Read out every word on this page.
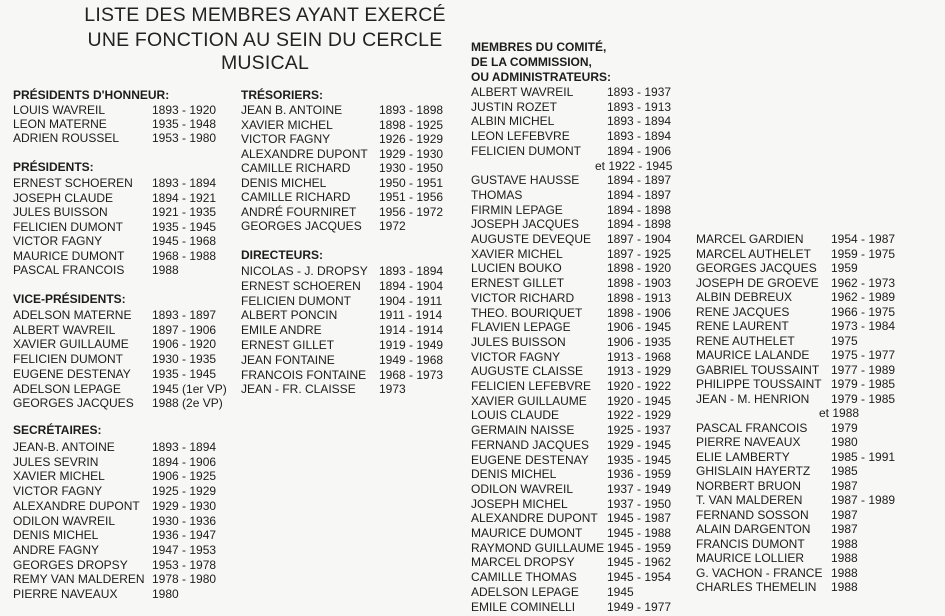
LISTE DES MEMBRES AYANT EXERCÉ
UNE FONCTION AU SEIN DU CERCLE MUSICAL
MEMBRES DU COMITÉ,
DE LA COMMISSION,
OU ADMINISTRATEURS:
PRÉSIDENTS D'HONNEUR:
LOUIS WAVREIL	1893 - 1920
LEON MATERNE	1935 - 1948
ADRIEN ROUSSEL	1953 - 1980
PRÉSIDENTS:
ERNEST SCHOEREN 1893 - 1894
JOSEPH CLAUDE	1894 - 1921
JULES BUISSON	1921 - 1935
FELICIEN DUMONT 1935 - 1945
VICTOR FAGNY	1945 - 1968
MAURICE DUMONT 1968 - 1988
PASCAL FRANCOIS 1988
VICE-PRÉSIDENTS:
ADELSON MATERNE 1893 - 1897
ALBERT WAVREIL	1897 - 1906
XAVIER GUILLAUME 1906 - 1920
FELICIEN DUMONT 1930 - 1935
EUGENE DESTENAY 1935 - 1945
ADELSON LEPAGE	1945 (1er VP)
GEORGES JACQUES 1988 (2e VP)
SECRÉTAIRES:
JEAN-B. ANTOINE	1893 - 1894
JULES SEVRIN	1894 - 1906
XAVIER MICHEL	1906 - 1925
VICTOR FAGNY	1925 - 1929
ALEXANDRE DUPONT 1929 - 1930
ODILON WAVREIL	1930 - 1936
DENIS MICHEL	1936 - 1947
ANDRE FAGNY	1947 - 1953
GEORGES DROPSY 1953 - 1978
REMY VAN MALDEREN 1978 - 1980
PIERRE NAVEAUX	1980
TRÉSORIERS:
JEAN B. ANTOINE	1893 - 1898
XAVIER MICHEL	1898 - 1925
VICTOR FAGNY	1926 - 1929
ALEXANDRE DUPONT 1929 - 1930
CAMILLE RICHARD 1930 - 1950
DENIS MICHEL	1950 - 1951
CAMILLE RICHARD 1951 - 1956
ANDRÉ FOURNIRET 1956 - 1972
GEORGES JACQUES 1972
DIRECTEURS:
NICOLAS - J. DROPSY 1893 - 1894
ERNEST SCHOEREN 1894 - 1904
FELICIEN DUMONT 1904 - 1911
ALBERT PONCIN	1911 - 1914
EMILE ANDRE	1914 - 1914
ERNEST GILLET	1919 - 1949
JEAN FONTAINE	1949 - 1968
FRANCOIS FONTAINE 1968 - 1973
JEAN - FR. CLAISSE 1973
ALBERT WAVREIL	1893 - 1937
JUSTIN ROZET	1893 - 1913
ALBIN MICHEL	1893 - 1894
LEON LEFEBVRE	1893 - 1894
FELICIEN DUMONT 1894 - 1906
et 1922 - 1945
GUSTAVE HAUSSE 1894 - 1897
THOMAS	1894 - 1897
FIRMIN LEPAGE	1894 - 1898
JOSEPH JACQUES 1894 - 1898
AUGUSTE DEVEQUE 1897 - 1904
XAVIER MICHEL	1897 - 1925
LUCIEN BOUKO	1898 - 1920
ERNEST GILLET	1898 - 1903
VICTOR RICHARD	1898 - 1913
THEO. BOURIQUET 1898 - 1906
FLAVIEN LEPAGE	1906 - 1945
JULES BUISSON	1906 - 1935
VICTOR FAGNY	1913 - 1968
AUGUSTE CLAISSE 1913 - 1929
FELICIEN LEFEBVRE 1920 - 1922
XAVIER GUILLAUME 1920 - 1945
LOUIS CLAUDE	1922 - 1929
GERMAIN NAISSE	1925 - 1937
FERNAND JACQUES 1929 - 1945
EUGENE DESTENAY 1935 - 1945
DENIS MICHEL	1936 - 1959
ODILON WAVREIL	1937 - 1949
JOSEPH MICHEL	1937 - 1950
ALEXANDRE DUPONT 1945 - 1987
MAURICE DUMONT 1945 - 1988
RAYMOND GUILLAUME 1945 - 1959
MARCEL DROPSY	1945 - 1962
CAMILLE THOMAS	1945 - 1954
ADELSON LEPAGE 1945
EMILE COMINELLI	1949 - 1977
MARCEL GARDIEN 1954 - 1987
MARCEL AUTHELET 1959 - 1975
GEORGES JACQUES 1959
JOSEPH DE GROEVE 1962 - 1973
ALBIN DEBREUX	1962 - 1989
RENE JACQUES	1966 - 1975
RENE LAURENT	1973 - 1984
RENE AUTHELET	1975
MAURICE LALANDE 1975 - 1977
GABRIEL TOUSSAINT 1977 - 1989
PHILIPPE TOUSSAINT 1979 - 1985
JEAN - M. HENRION 1979 - 1985
et 1988
PASCAL FRANCOIS 1979
PIERRE NAVEAUX	1980
ELIE LAMBERTY	1985 - 1991
GHISLAIN HAYERTZ 1985
NORBERT BRUON	1987
T. VAN MALDEREN 1987 - 1989
FERNAND SOSSON 1987
ALAIN DARGENTON 1987
FRANCIS DUMONT 1988
MAURICE LOLLIER 1988
G. VACHON - FRANCE 1988
CHARLES THEMELIN 1988
